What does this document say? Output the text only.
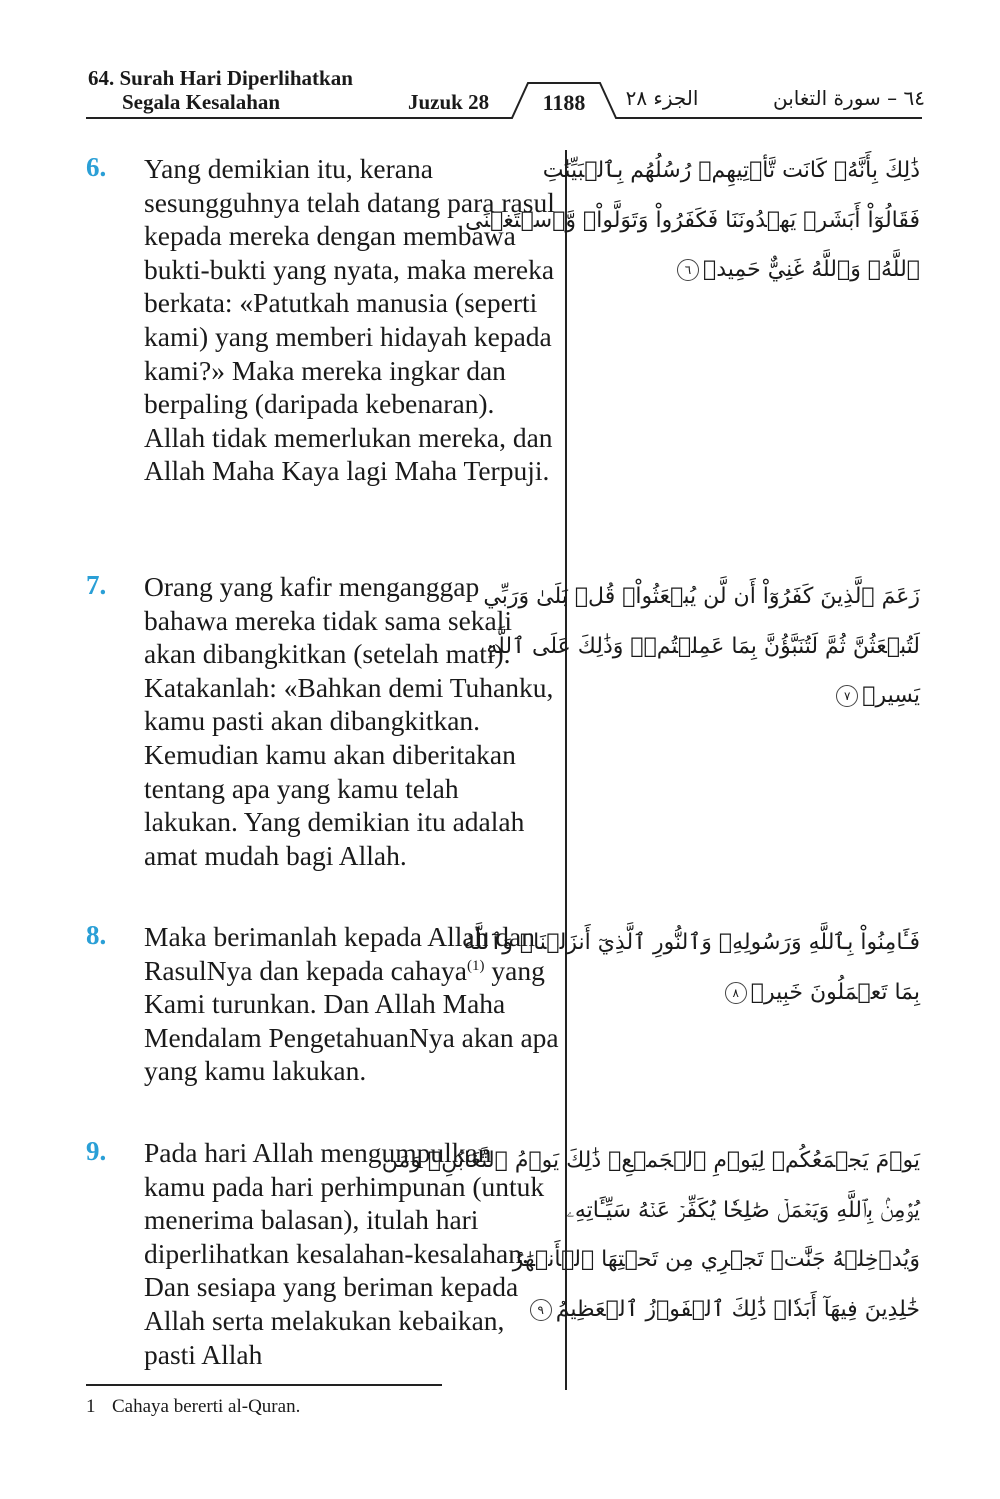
64. Surah Hari Diperlihatkan
Segala Kesalahan	Juzuk 28	1188	الجزء ٢٨	٦٤ – سورة التغابن
6. Yang demikian itu, kerana sesungguhnya telah datang para rasul kepada mereka dengan membawa bukti-bukti yang nyata, maka mereka berkata: «Patutkah manusia (seperti kami) yang memberi hidayah kepada kami?» Maka mereka ingkar dan berpaling (daripada kebenaran). Allah tidak memerlukan mereka, dan Allah Maha Kaya lagi Maha Terpuji.
ذَٰلِكَ بِأَنَّهُۥ كَانَت تَّأۡتِيهِمۡ رُسُلُهُم بِٱلۡبَيِّنَٰتِ
فَقَالُوٓاْ أَبَشَرٞ يَهۡدُونَنَا فَكَفَرُواْ وَتَوَلَّواْۚ وَّٱسۡتَغۡنَى
ٱللَّهُۚ وَٱللَّهُ غَنِيٌّ حَمِيدٞ٦
7. Orang yang kafir menganggap bahawa mereka tidak sama sekali akan dibangkitkan (setelah mati). Katakanlah: «Bahkan demi Tuhanku, kamu pasti akan dibangkitkan. Kemudian kamu akan diberitakan tentang apa yang kamu telah lakukan. Yang demikian itu adalah amat mudah bagi Allah.
زَعَمَ ٱلَّذِينَ كَفَرُوٓاْ أَن لَّن يُبۡعَثُواْۚ قُلۡ بَلَىٰ وَرَبِّي
لَتُبۡعَثُنَّ ثُمَّ لَتُنَبَّؤُنَّ بِمَا عَمِلۡتُمۡۚ وَذَٰلِكَ عَلَى ٱللَّهِ
يَسِيرٞ٧
8. Maka berimanlah kepada Allah dan RasulNya dan kepada cahaya$^{(1)}$ yang Kami turunkan. Dan Allah Maha Mendalam PengetahuanNya akan apa yang kamu lakukan.
فَـَٔامِنُواْ بِٱللَّهِ وَرَسُولِهِۦ وَٱلنُّورِ ٱلَّذِيٓ أَنزَلۡنَاۚ وَٱللَّهُ
بِمَا تَعۡمَلُونَ خَبِيرٞ٨
9. Pada hari Allah mengumpulkan kamu pada hari perhimpunan (untuk menerima balasan), itulah hari diperlihatkan kesalahan-kesalahan. Dan sesiapa yang beriman kepada Allah serta melakukan kebaikan, pasti Allah
يَوۡمَ يَجۡمَعُكُمۡ لِيَوۡمِ ٱلۡجَمۡعِۖ ذَٰلِكَ يَوۡمُ ٱلتَّغَابُنِۗ وَمَن
يُؤۡمِنۢ بِٱللَّهِ وَيَعۡمَلۡ صَٰلِحٗا يُكَفِّرۡ عَنۡهُ سَيِّـَٔاتِهِۦ
وَيُدۡخِلۡهُ جَنَّٰتٖ تَجۡرِي مِن تَحۡتِهَا ٱلۡأَنۡهَٰرُ
خَٰلِدِينَ فِيهَآ أَبَدٗاۚ ذَٰلِكَ ٱلۡفَوۡزُ ٱلۡعَظِيمُ٩
1 Cahaya bererti al-Quran.
